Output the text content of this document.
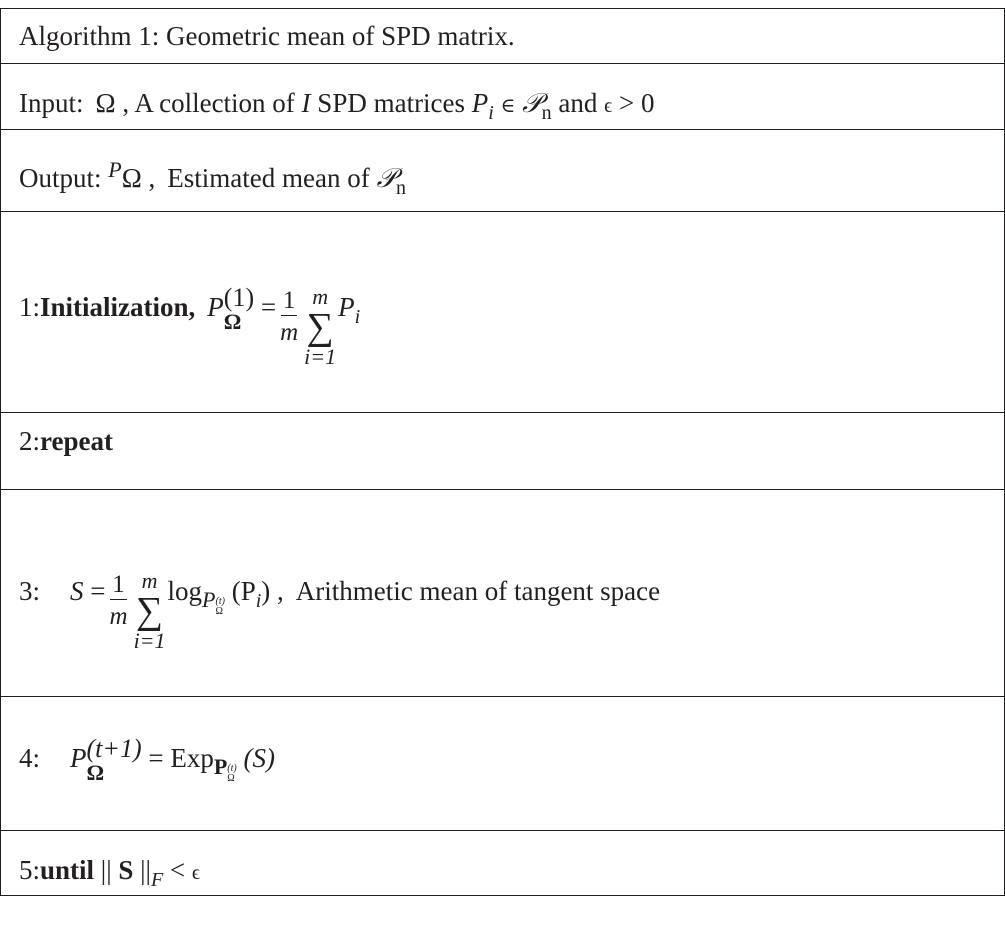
Algorithm 1: Geometric mean of SPD matrix.
Input: Ω
, A collection of
I
SPD matrices
P i
∈
𝒫 n
and
ϵ
> 0
Output:
P Ω
, Estimated mean of
𝒫 n
1: Initialization, P (1)
Ω
= $\frac{1}{m}$ m
∑
i=1
P i
2: repeat
3: S
= $\frac{1}{m}$ m
∑
i=1
log P (t)
Ω

(P i )
, Arithmetic mean of tangent space
4: P (t+1)
Ω
	=
Exp P (t)
Ω

(S)
5: until
||
S
|| F
<
ϵ
